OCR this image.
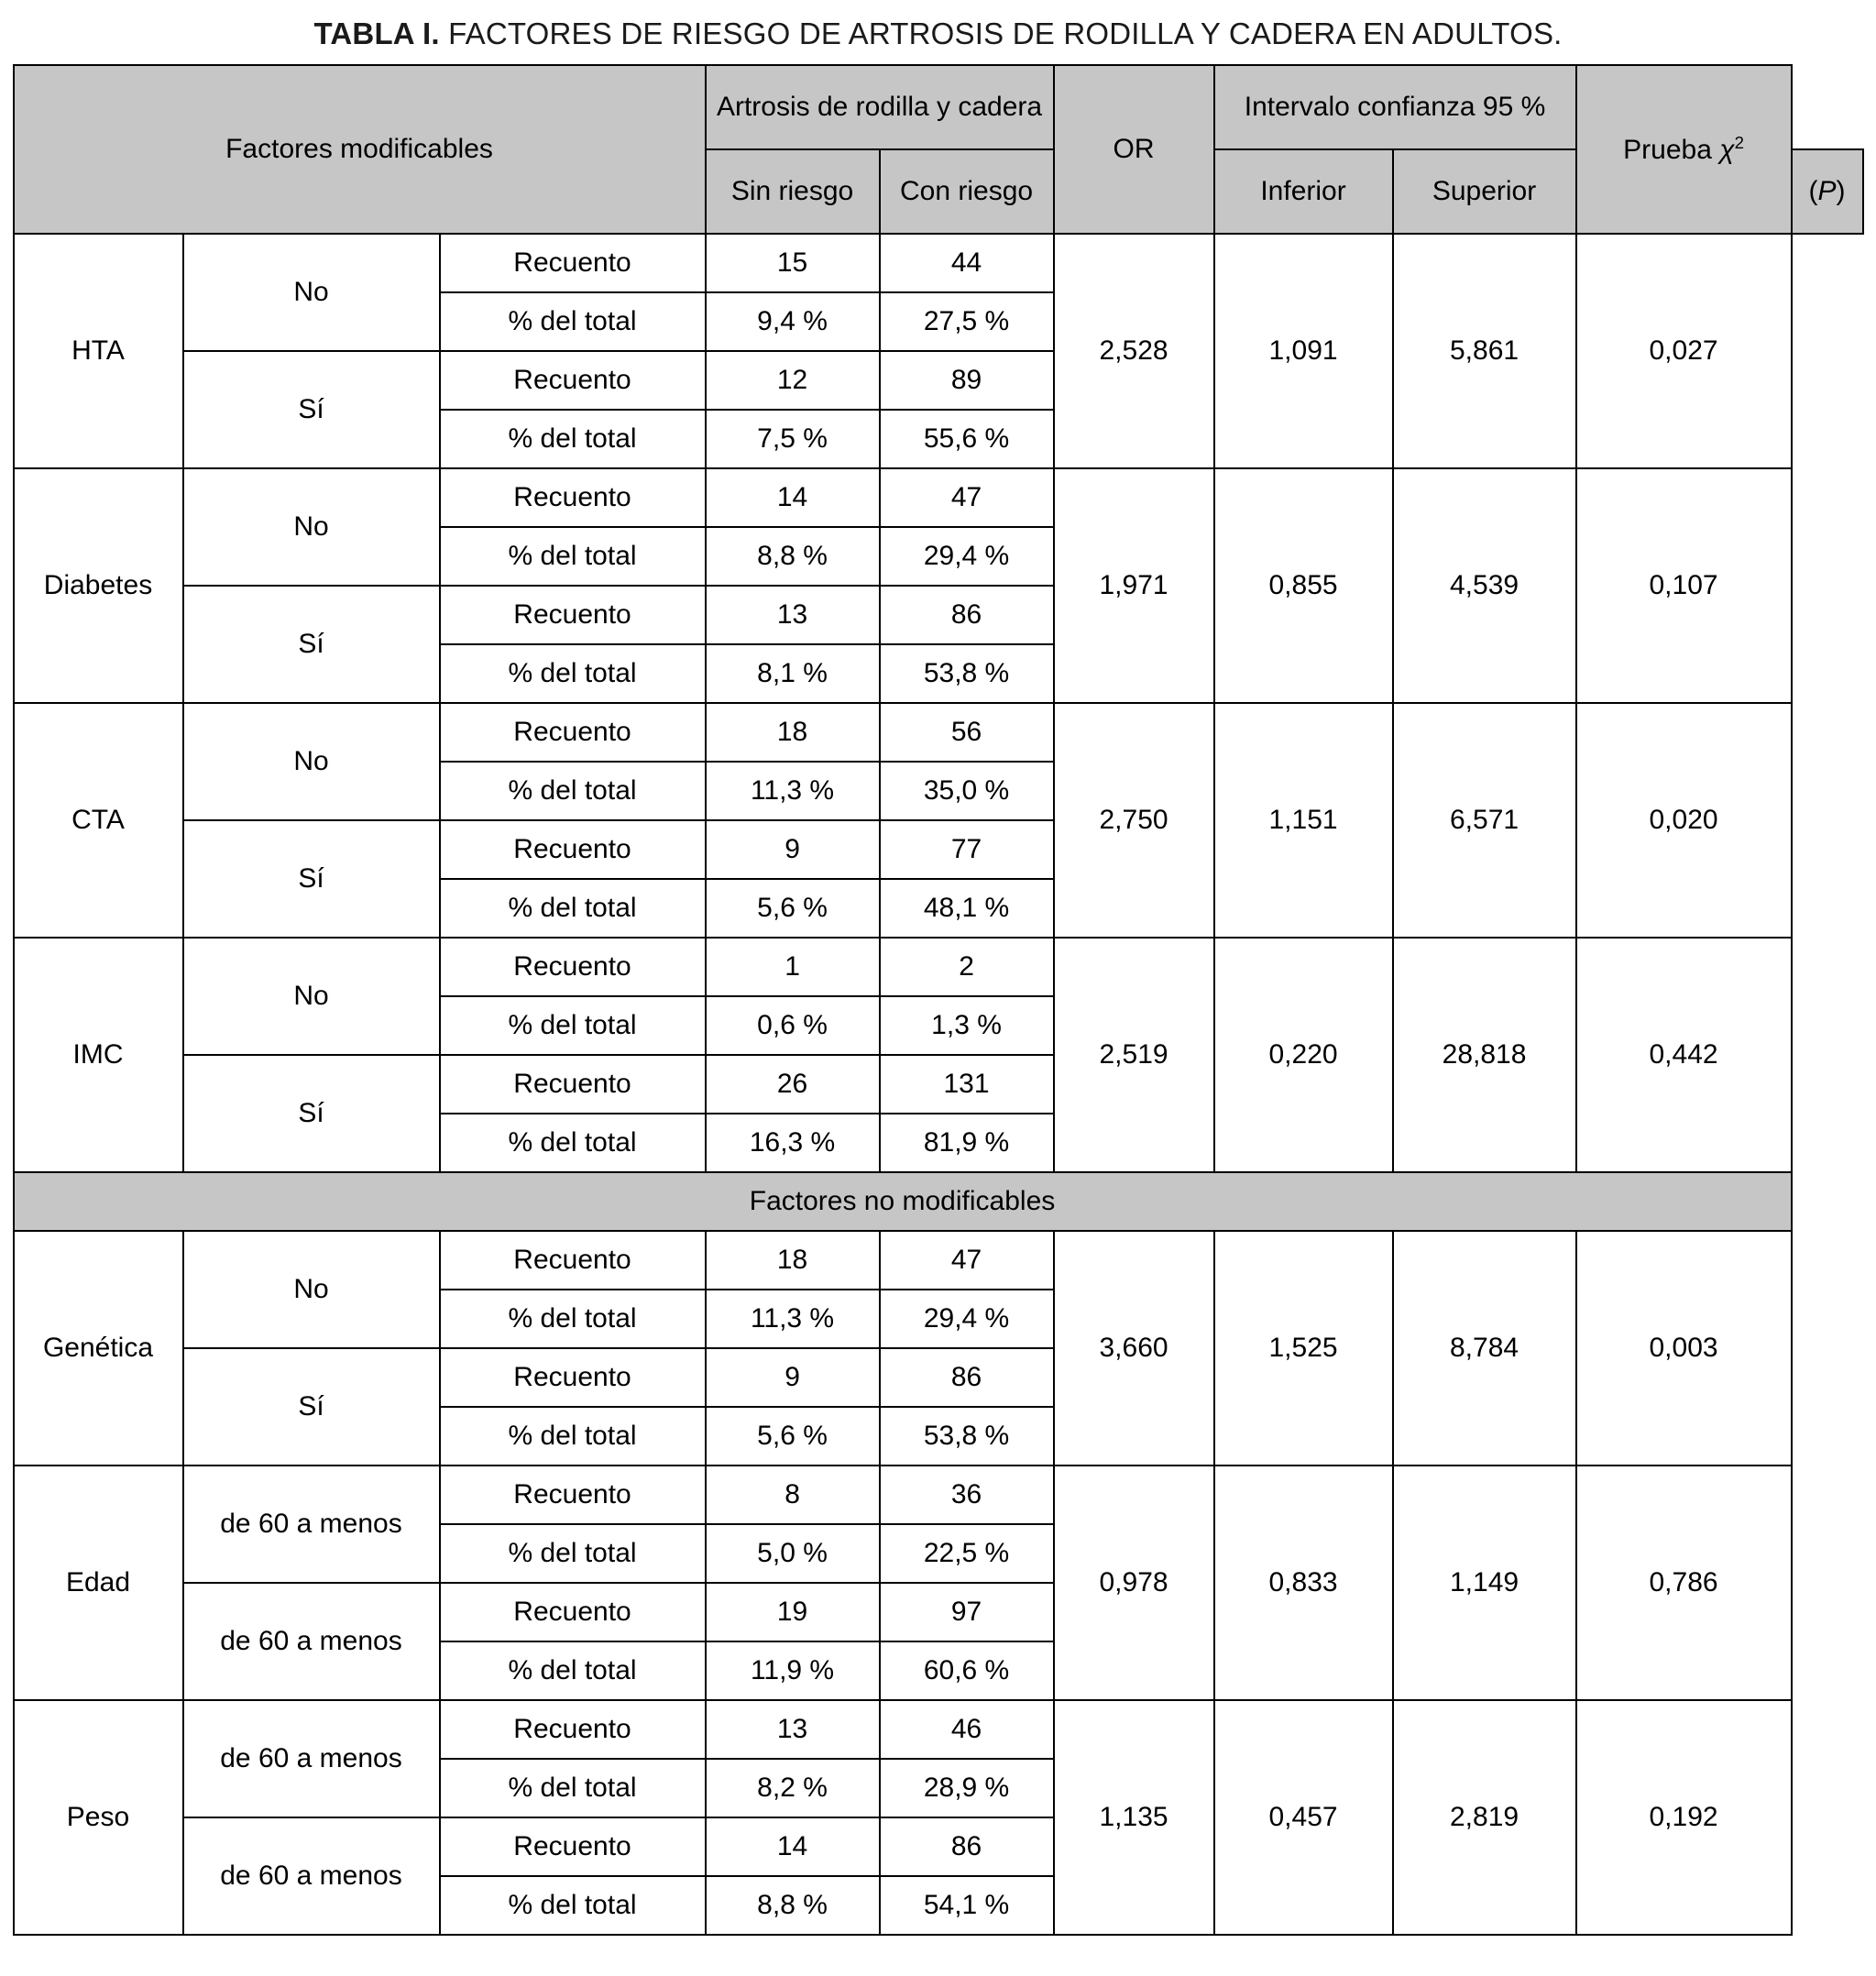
TABLA I. FACTORES DE RIESGO DE ARTROSIS DE RODILLA Y CADERA EN ADULTOS.
Factores modificables			Artrosis de rodilla y cadera		OR	Intervalo confianza 95 %		Prueba $\chi^2$
			Sin riesgo	Con riesgo		Inferior	Superior		(P)
HTA	No	Recuento	15	44	2,528	1,091	5,861	0,027	
		% del total	9,4 %	27,5 %					
	Sí	Recuento	12	89					
		% del total	7,5 %	55,6 %					
Diabetes	No	Recuento	14	47	1,971	0,855	4,539	0,107	
		% del total	8,8 %	29,4 %					
	Sí	Recuento	13	86					
		% del total	8,1 %	53,8 %					
CTA	No	Recuento	18	56	2,750	1,151	6,571	0,020	
		% del total	11,3 %	35,0 %					
	Sí	Recuento	9	77					
		% del total	5,6 %	48,1 %					
IMC	No	Recuento	1	2	2,519	0,220	28,818	0,442	
		% del total	0,6 %	1,3 %					
	Sí	Recuento	26	131					
		% del total	16,3 %	81,9 %					
Factores no modificables									
Genética	No	Recuento	18	47	3,660	1,525	8,784	0,003	
		% del total	11,3 %	29,4 %					
	Sí	Recuento	9	86					
		% del total	5,6 %	53,8 %					
Edad	de 60 a menos	Recuento	8	36	0,978	0,833	1,149	0,786	
		% del total	5,0 %	22,5 %					
	de 60 a menos	Recuento	19	97					
		% del total	11,9 %	60,6 %					
Peso	de 60 a menos	Recuento	13	46	1,135	0,457	2,819	0,192	
		% del total	8,2 %	28,9 %					
	de 60 a menos	Recuento	14	86					
		% del total	8,8 %	54,1 %					
